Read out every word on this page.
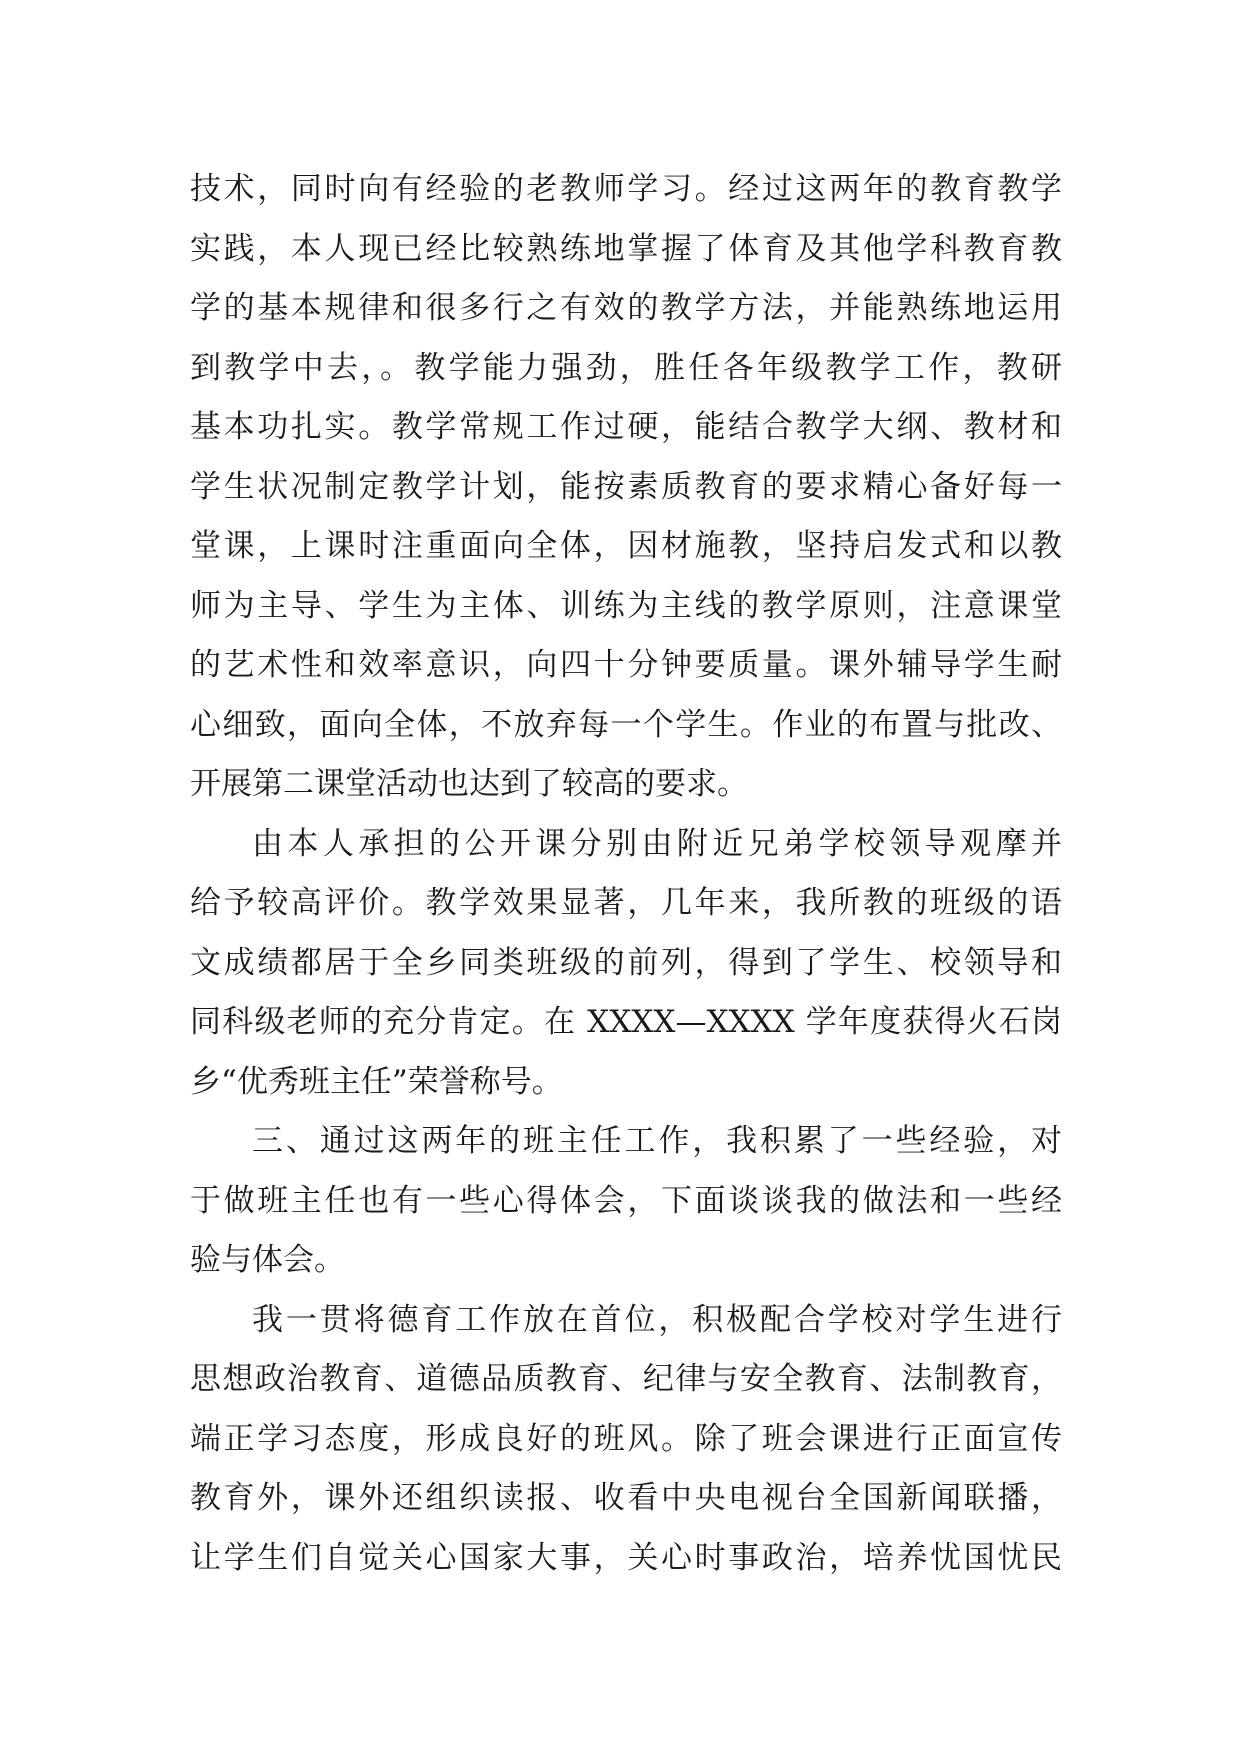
技术，同时向有经验的老教师学习。经过这两年的教育教学
实践，本人现已经比较熟练地掌握了体育及其他学科教育教
学的基本规律和很多行之有效的教学方法，并能熟练地运用
到教学中去，。教学能力强劲，胜任各年级教学工作，教研
基本功扎实。教学常规工作过硬，能结合教学大纲、教材和
学生状况制定教学计划，能按素质教育的要求精心备好每一
堂课，上课时注重面向全体，因材施教，坚持启发式和以教
师为主导、学生为主体、训练为主线的教学原则，注意课堂
的艺术性和效率意识，向四十分钟要质量。课外辅导学生耐
心细致，面向全体，不放弃每一个学生。作业的布置与批改、
开展第二课堂活动也达到了较高的要求。
由本人承担的公开课分别由附近兄弟学校领导观摩并
给予较高评价。教学效果显著，几年来，我所教的班级的语
文成绩都居于全乡同类班级的前列，得到了学生、校领导和
同科级老师的充分肯定。在 XXXX—XXXX 学年度获得火石岗
乡“优秀班主任”荣誉称号。
三、通过这两年的班主任工作，我积累了一些经验，对
于做班主任也有一些心得体会，下面谈谈我的做法和一些经
验与体会。
我一贯将德育工作放在首位，积极配合学校对学生进行
思想政治教育、道德品质教育、纪律与安全教育、法制教育，
端正学习态度，形成良好的班风。除了班会课进行正面宣传
教育外，课外还组织读报、收看中央电视台全国新闻联播，
让学生们自觉关心国家大事，关心时事政治，培养忧国忧民
